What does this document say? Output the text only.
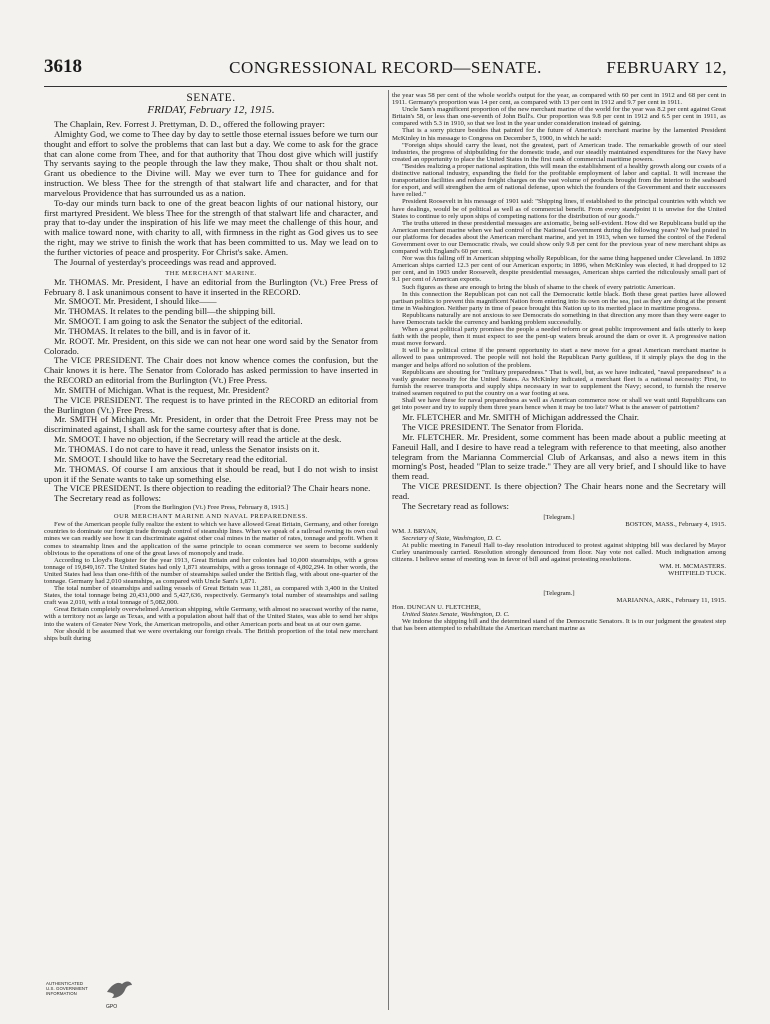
3618	CONGRESSIONAL RECORD—SENATE.	FEBRUARY 12,
SENATE.
FRIDAY, February 12, 1915.

The Chaplain, Rev. Forrest J. Prettyman, D. D., offered the following prayer:

Almighty God, we come to Thee day by day to settle those eternal issues before we turn our thought and effort to solve the problems that can last but a day. We come to ask for the grace that can alone come from Thee, and for that authority that Thou dost give which will justify Thy servants saying to the people through the law they make, Thou shalt or thou shalt not. Grant us obedience to the Divine will. May we ever turn to Thee for guidance and for instruction. We bless Thee for the strength of that stalwart life and character, and for that marvelous Providence that has surrounded us as a nation.

To-day our minds turn back to one of the great beacon lights of our national history, our first martyred President. We bless Thee for the strength of that stalwart life and character, and pray that to-day under the inspiration of his life we may meet the challenge of this hour, and with malice toward none, with charity to all, with firmness in the right as God gives us to see the right, may we strive to finish the work that has been committed to us. May we lead on to the further victories of peace and prosperity. For Christ's sake. Amen.

The Journal of yesterday's proceedings was read and approved.

THE MERCHANT MARINE.

Mr. THOMAS. Mr. President, I have an editorial from the Burlington (Vt.) Free Press of February 8. I ask unanimous consent to have it inserted in the RECORD.

Mr. SMOOT. Mr. President, I should like——

Mr. THOMAS. It relates to the pending bill—the shipping bill.

Mr. SMOOT. I am going to ask the Senator the subject of the editorial.

Mr. THOMAS. It relates to the bill, and is in favor of it.

Mr. ROOT. Mr. President, on this side we can not hear one word said by the Senator from Colorado.

The VICE PRESIDENT. The Chair does not know whence comes the confusion, but the Chair knows it is here. The Senator from Colorado has asked permission to have inserted in the RECORD an editorial from the Burlington (Vt.) Free Press.

Mr. SMITH of Michigan. What is the request, Mr. President?

The VICE PRESIDENT. The request is to have printed in the RECORD an editorial from the Burlington (Vt.) Free Press.

Mr. SMITH of Michigan. Mr. President, in order that the Detroit Free Press may not be discriminated against, I shall ask for the same courtesy after that is done.

Mr. SMOOT. I have no objection, if the Secretary will read the article at the desk.

Mr. THOMAS. I do not care to have it read, unless the Senator insists on it.

Mr. SMOOT. I should like to have the Secretary read the editorial.

Mr. THOMAS. Of course I am anxious that it should be read, but I do not wish to insist upon it if the Senate wants to take up something else.

The VICE PRESIDENT. Is there objection to reading the editorial? The Chair hears none.

The Secretary read as follows:

[From the Burlington (Vt.) Free Press, February 8, 1915.]

OUR MERCHANT MARINE AND NAVAL PREPAREDNESS.

Few of the American people fully realize the extent to which we have allowed Great Britain, Germany, and other foreign countries to dominate our foreign trade through control of steamship lines. When we speak of a railroad owning its own coal mines we can readily see how it can discriminate against other coal mines in the matter of rates, tonnage and profit. When it comes to steamship lines and the application of the same principle to ocean commerce we seem to become suddenly oblivious to the operations of one of the great laws of monopoly and trade.

According to Lloyd's Register for the year 1913, Great Britain and her colonies had 10,000 steamships, with a gross tonnage of 19,849,167. The United States had only 1,871 steamships, with a gross tonnage of 4,802,294. In other words, the United States had less than one-fifth of the number of steamships sailed under the British flag, with about one-quarter of the tonnage. Germany had 2,010 steamships, as compared with Uncle Sam's 1,871.

The total number of steamships and sailing vessels of Great Britain was 11,281, as compared with 3,400 in the United States, the total tonnage being 20,431,000 and 5,427,636, respectively. Germany's total number of steamships and sailing craft was 2,010, with a total tonnage of 5,082,000.

Great Britain completely overwhelmed American shipping, while Germany, with almost no seacoast worthy of the name, with a territory not as large as Texas, and with a population about half that of the United States, was able to send her ships into the waters of Greater New York, the American metropolis, and other American ports and beat us at our own game.

Nor should it be assumed that we were overtaking our foreign rivals. The British proportion of the total new merchant ships built during

the year was 58 per cent of the whole world's output for the year, as compared with 60 per cent in 1912 and 68 per cent in 1911. Germany's proportion was 14 per cent, as compared with 13 per cent in 1912 and 9.7 per cent in 1911.

Uncle Sam's magnificent proportion of the new merchant marine of the world for the year was 8.2 per cent against Great Britain's 58, or less than one-seventh of John Bull's. Our proportion was 9.8 per cent in 1912 and 6.5 per cent in 1911, as compared with 5.3 in 1910, so that we lost in the year under consideration instead of gaining.

That is a sorry picture besides that painted for the future of America's merchant marine by the lamented President McKinley in his message to Congress on December 5, 1900, in which he said:

"Foreign ships should carry the least, not the greatest, part of American trade. The remarkable growth of our steel industries, the progress of shipbuilding for the domestic trade, and our steadily maintained expenditures for the Navy have created an opportunity to place the United States in the first rank of commercial maritime powers.

"Besides realizing a proper national aspiration, this will mean the establishment of a healthy growth along our coasts of a distinctive national industry, expanding the field for the profitable employment of labor and capital. It will increase the transportation facilities and reduce freight charges on the vast volume of products brought from the interior to the seaboard for export, and will strengthen the arm of national defense, upon which the founders of the Government and their successors have relied."

President Roosevelt in his message of 1901 said: "Shipping lines, if established to the principal countries with which we have dealings, would be of political as well as of commercial benefit. From every standpoint it is unwise for the United States to continue to rely upon ships of competing nations for the distribution of our goods."

The truths uttered in these presidential messages are axiomatic, being self-evident. How did we Republicans build up the American merchant marine when we had control of the National Government during the following years? We had prated in our platforms for decades about the American merchant marine, and yet in 1913, when we turned the control of the Federal Government over to our Democratic rivals, we could show only 9.8 per cent for the previous year of new merchant ships as compared with England's 60 per cent.

Nor was this falling off in American shipping wholly Republican, for the same thing happened under Cleveland. In 1892 American ships carried 12.3 per cent of our American exports; in 1896, when McKinley was elected, it had dropped to 12 per cent, and in 1903 under Roosevelt, despite presidential messages, American ships carried the ridiculously small part of 9.1 per cent of American exports.

Such figures as these are enough to bring the blush of shame to the cheek of every patriotic American.

In this connection the Republican pot can not call the Democratic kettle black. Both these great parties have allowed partisan politics to prevent this magnificent Nation from entering into its own on the sea, just as they are doing at the present time in Washington. Neither party in time of peace brought this Nation up to its merited place in maritime progress.

Republicans naturally are not anxious to see Democrats do something in that direction any more than they were eager to have Democrats tackle the currency and banking problem successfully.

When a great political party promises the people a needed reform or great public improvement and fails utterly to keep faith with the people, then it must expect to see the pent-up waters break around the dam or over it. A progressive nation must move forward.

It will be a political crime if the present opportunity to start a new move for a great American merchant marine is allowed to pass unimproved. The people will not hold the Republican Party guiltless, if it simply plays the dog in the manger and helps afford no solution of the problem.

Republicans are shouting for "military preparedness." That is well, but, as we have indicated, "naval preparedness" is a vastly greater necessity for the United States. As McKinley indicated, a merchant fleet is a national necessity: First, to furnish the reserve transports and supply ships necessary in war to supplement the Navy; second, to furnish the reserve trained seamen required to put the country on a war footing at sea.

Shall we have these for naval preparedness as well as American commerce now or shall we wait until Republicans can get into power and try to supply them three years hence when it may be too late? What is the answer of patriotism?

Mr. FLETCHER and Mr. SMITH of Michigan addressed the Chair.

The VICE PRESIDENT. The Senator from Florida.

Mr. FLETCHER. Mr. President, some comment has been made about a public meeting at Faneuil Hall, and I desire to have read a telegram with reference to that meeting, also another telegram from the Marianna Commercial Club of Arkansas, and also a news item in this morning's Post, headed "Plan to seize trade." They are all very brief, and I should like to have them read.

The VICE PRESIDENT. Is there objection? The Chair hears none and the Secretary will read.

The Secretary read as follows:

[Telegram.]

BOSTON, MASS., February 4, 1915.

WM. J. BRYAN,

Secretary of State, Washington, D. C.

At public meeting in Faneuil Hall to-day resolution introduced to protest against shipping bill was declared by Mayor Curley unanimously carried. Resolution strongly denounced from floor. Nay vote not called. Much indignation among citizens. I believe sense of meeting was in favor of bill and against protesting resolutions.

WM. H. MCMASTERS.

WHITFIELD TUCK.

[Telegram.]

MARIANNA, ARK., February 11, 1915.

Hon. DUNCAN U. FLETCHER,

United States Senate, Washington, D. C.

We indorse the shipping bill and the determined stand of the Democratic Senators. It is in our judgment the greatest step that has been attempted to rehabilitate the American merchant marine as

AUTHENTICATED
U.S. GOVERNMENT
INFORMATION
GPO
